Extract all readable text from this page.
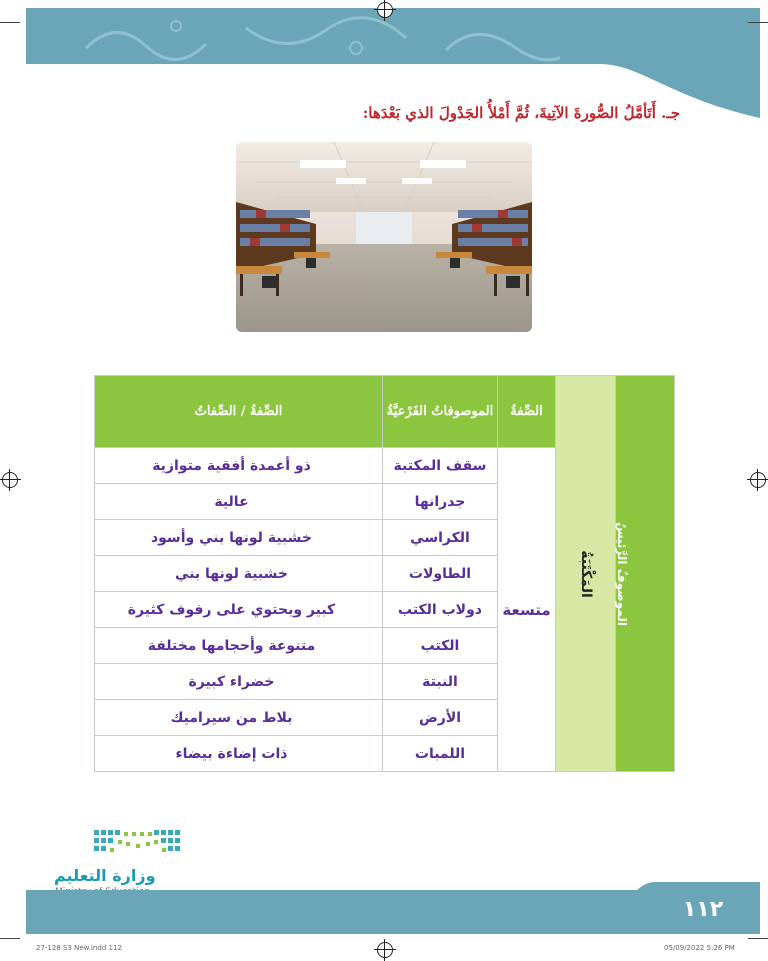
جـ. أَتَأمَّلُ الصُّورةَ الآتِيةَ، ثُمَّ أَمْلأُ الجَدْولَ الذي بَعْدَها:
الموصوفُ الرَّئيسُ	المَكْتَبَةُ	الصِّفةُ	الموصوفاتُ الفَرْعيَّةُ	الصِّفةُ / الصِّفاتُ
		متسعة	سقف المكتبة	ذو أعمدة أفقية متوازية
			جدرانها	عالية
			الكراسي	خشبية لونها بني وأسود
			الطاولات	خشبية لونها بني
			دولاب الكتب	كبير ويحتوي على رفوف كثيرة
			الكتب	متنوعة وأحجامها مختلفة
			النبتة	خضراء كبيرة
			الأرض	بلاط من سيراميك
			اللمبات	ذات إضاءة بيضاء
وزارة التعليم
١١٢
27-128 S3 New.indd 112	05/09/2022 5:26 PM
